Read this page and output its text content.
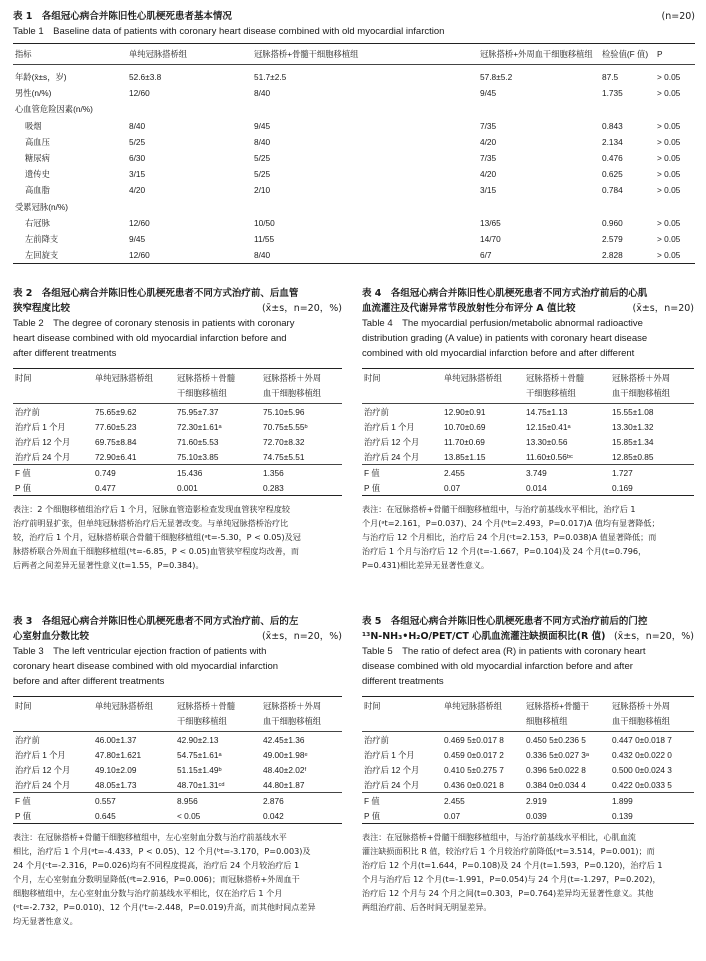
表 1　各组冠心病合并陈旧性心肌梗死患者基本情况	(n=20)
Table 1　Baseline data of patients with coronary heart disease combined with old myocardial infarction
指标	单纯冠脉搭桥组	冠脉搭桥+骨髓干细胞移植组	冠脉搭桥+外周血干细胞移植组	检验值(F 值)	P
年龄(x̄±s，岁)	52.6±3.8	51.7±2.5	57.8±5.2	87.5	> 0.05
男性(n/%)	12/60	8/40	9/45	1.735	> 0.05
心血管危险因素(n/%)					
吸烟	8/40	9/45	7/35	0.843	> 0.05
高血压	5/25	8/40	4/20	2.134	> 0.05
糖尿病	6/30	5/25	7/35	0.476	> 0.05
遗传史	3/15	5/25	4/20	0.625	> 0.05
高血脂	4/20	2/10	3/15	0.784	> 0.05
受累冠脉(n/%)					
右冠脉	12/60	10/50	13/65	0.960	> 0.05
左前降支	9/45	11/55	14/70	2.579	> 0.05
左回旋支	12/60	8/40	6/7	2.828	> 0.05
表 2　各组冠心病合并陈旧性心肌梗死患者不同方式治疗前、后血管
狭窄程度比较	(x̄±s，n=20，%)
Table 2　The degree of coronary stenosis in patients with coronary
heart disease combined with old myocardial infarction before and
after different treatments
时间	单纯冠脉搭桥组	冠脉搭桥＋骨髓	冠脉搭桥＋外周
		干细胞移植组	血干细胞移植组
治疗前	75.65±9.62	75.95±7.37	75.10±5.96
治疗后 1 个月	77.60±5.23	72.30±1.61ᵃ	70.75±5.55ᵇ
治疗后 12 个月	69.75±8.84	71.60±5.53	72.70±8.32
治疗后 24 个月	72.90±6.41	75.10±3.85	74.75±5.51
F 值	0.749	15.436	1.356
P 值	0.477	0.001	0.283
表注：2 个细胞移植组治疗后 1 个月，冠脉血管造影检查发现血管狭窄程度较
治疗前明显扩张，但单纯冠脉搭桥治疗后无显著改变。与单纯冠脉搭桥治疗比
较，治疗后 1 个月，冠脉搭桥联合骨髓干细胞移植组(ᵃt=-5.30，P < 0.05)及冠
脉搭桥联合外周血干细胞移植组(ᵇt=-6.85，P < 0.05)血管狭窄程度均改善，而
后两者之间差异无显著性意义(t=1.55，P=0.384)。
表 4　各组冠心病合并陈旧性心肌梗死患者不同方式治疗前后的心肌
血流灌注及代谢异常节段放射性分布评分 A 值比较	(x̄±s，n=20)
Table 4　The myocardial perfusion/metabolic abnormal radioactive
distribution grading (A value) in patients with coronary heart disease
combined with old myocardial infarction before and after different
时间	单纯冠脉搭桥组	冠脉搭桥＋骨髓	冠脉搭桥＋外周
		干细胞移植组	血干细胞移植组
治疗前	12.90±0.91	14.75±1.13	15.55±1.08
治疗后 1 个月	10.70±0.69	12.15±0.41ᵃ	13.30±1.32
治疗后 12 个月	11.70±0.69	13.30±0.56	15.85±1.34
治疗后 24 个月	13.85±1.15	11.60±0.56ᵇᶜ	12.85±0.85
F 值	2.455	3.749	1.727
P 值	0.07	0.014	0.169
表注：在冠脉搭桥+骨髓干细胞移植组中，与治疗前基线水平相比，治疗后 1
个月(ᵃt=2.161，P=0.037)、24 个月(ᵇt=2.493，P=0.017)A 值均有显著降低；
与治疗后 12 个月相比，治疗后 24 个月(ᶜt=2.153，P=0.038)A 值显著降低；而
治疗后 1 个月与治疗后 12 个月(t=-1.667，P=0.104)及 24 个月(t=0.796，
P=0.431)相比差异无显著性意义。
表 3　各组冠心病合并陈旧性心肌梗死患者不同方式治疗前、后的左
心室射血分数比较	(x̄±s，n=20，%)
Table 3　The left ventricular ejection fraction of patients with
coronary heart disease combined with old myocardial infarction
before and after different treatments
时间	单纯冠脉搭桥组	冠脉搭桥＋骨髓	冠脉搭桥＋外周
		干细胞移植组	血干细胞移植组
治疗前	46.00±1.37	42.90±2.13	42.45±1.36
治疗后 1 个月	47.80±1.621	54.75±1.61ᵃ	49.00±1.98ᵉ
治疗后 12 个月	49.10±2.09	51.15±1.49ᵇ	48.40±2.02ᶠ
治疗后 24 个月	48.05±1.73	48.70±1.31ᶜᵈ	44.80±1.87
F 值	0.557	8.956	2.876
P 值	0.645	< 0.05	0.042
表注：在冠脉搭桥+骨髓干细胞移植组中，左心室射血分数与治疗前基线水平
相比，治疗后 1 个月(ᵃt=-4.433，P < 0.05)、12 个月(ᵇt=-3.170，P=0.003)及
24 个月(ᶜt=-2.316，P=0.026)均有不同程度提高，治疗后 24 个月较治疗后 1
个月，左心室射血分数明显降低(ᵈt=2.916，P=0.006)；而冠脉搭桥+外周血干
细胞移植组中，左心室射血分数与治疗前基线水平相比，仅在治疗后 1 个月
(ᵉt=-2.732，P=0.010)、12 个月(ᶠt=-2.448，P=0.019)升高，而其他时间点差异
均无显著性意义。
表 5　各组冠心病合并陈旧性心肌梗死患者不同方式治疗前后的门控
¹³N-NH₃•H₂O/PET/CT 心肌血流灌注缺损面积比(R 值) (x̄±s，n=20，%)
Table 5　The ratio of defect area (R) in patients with coronary heart
disease combined with old myocardial infarction before and after
different treatments
时间	单纯冠脉搭桥组	冠脉搭桥+骨髓干	冠脉搭桥＋外周
		细胞移植组	血干细胞移植组
治疗前	0.469 5±0.017 8	0.450 5±0.236 5	0.447 0±0.018 7
治疗后 1 个月	0.459 0±0.017 2	0.336 5±0.027 3ᵃ	0.432 0±0.022 0
治疗后 12 个月	0.410 5±0.275 7	0.396 5±0.022 8	0.500 0±0.024 3
治疗后 24 个月	0.436 0±0.021 8	0.384 0±0.034 4	0.422 0±0.033 5
F 值	2.455	2.919	1.899
P 值	0.07	0.039	0.139
表注：在冠脉搭桥+骨髓干细胞移植组中，与治疗前基线水平相比，心肌血流
灌注缺损面积比 R 值，较治疗后 1 个月较治疗前降低(ᵃt=3.514，P=0.001)；而
治疗后 12 个月(t=1.644，P=0.108)及 24 个月(t=1.593，P=0.120)，治疗后 1
个月与治疗后 12 个月(t=-1.991，P=0.054)与 24 个月(t=-1.297，P=0.202)，
治疗后 12 个月与 24 个月之间(t=0.303，P=0.764)差异均无显著性意义。其他
两组治疗前、后各时间无明显差异。
